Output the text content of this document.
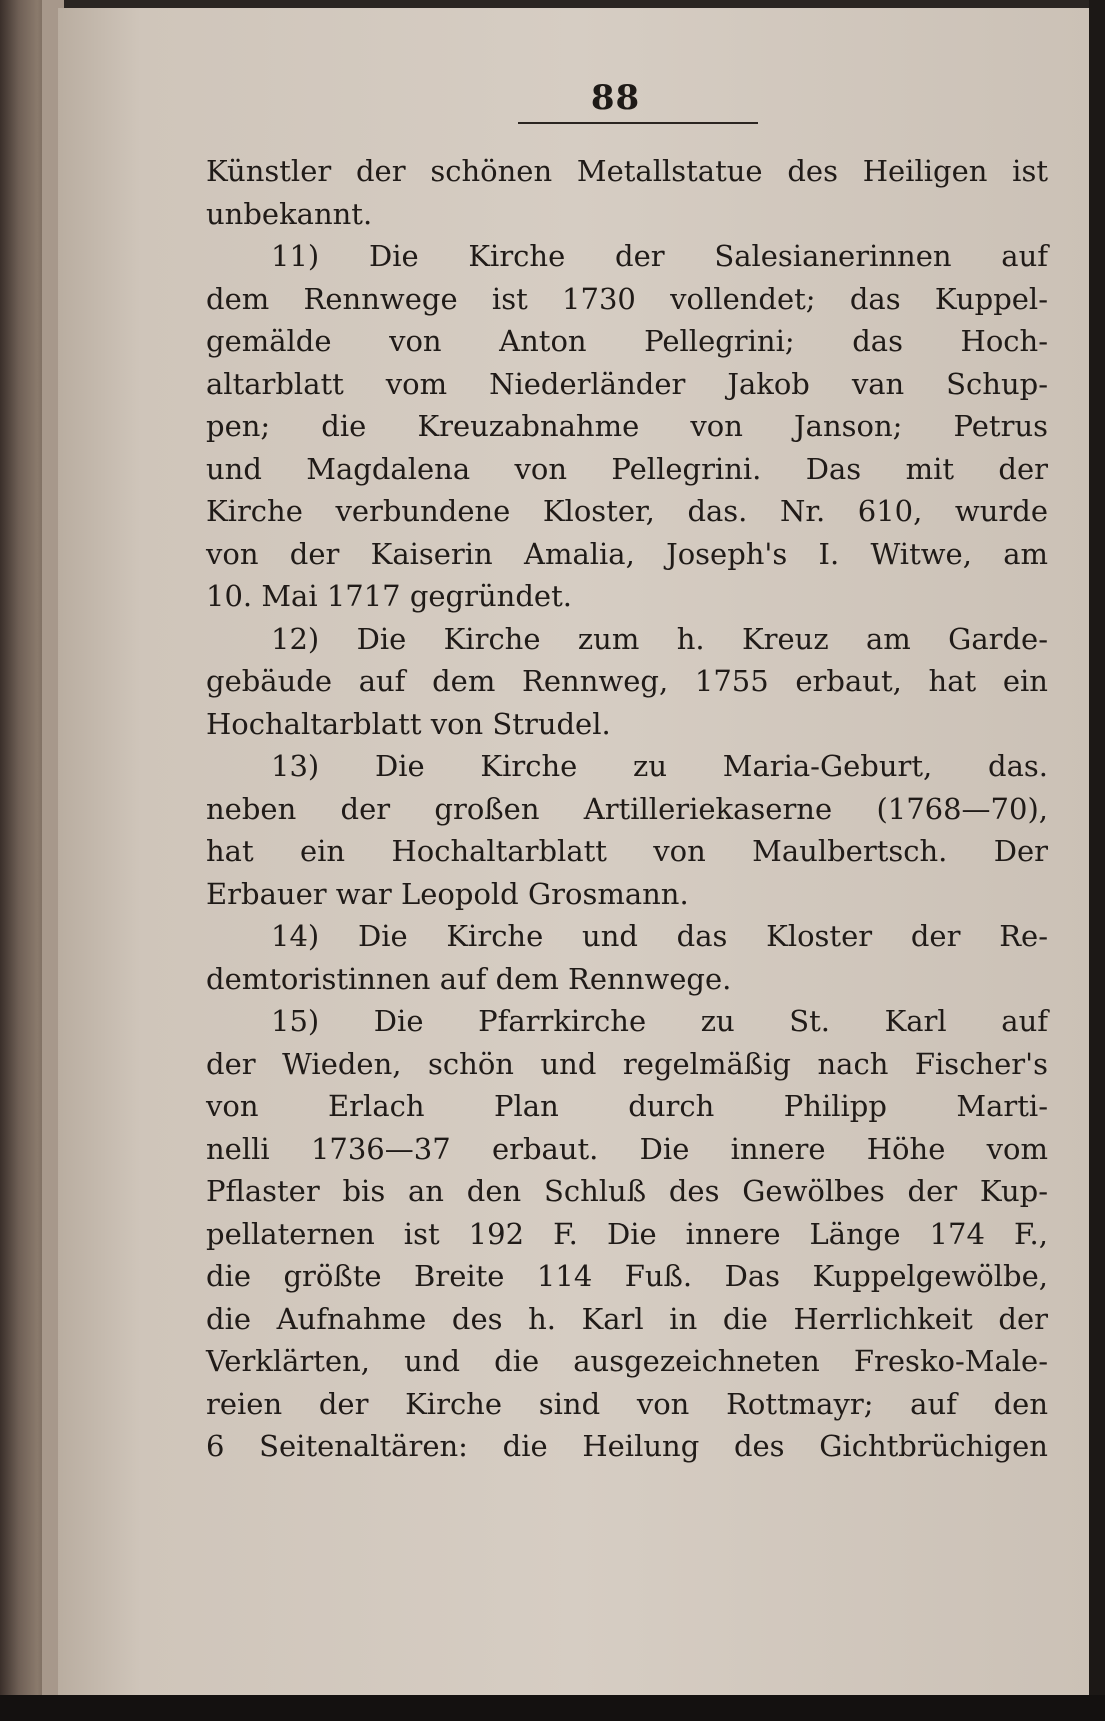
88
Künstler der schönen Metallstatue des Heiligen ist
unbekannt.
11) Die Kirche der Salesianerinnen auf
dem Rennwege ist 1730 vollendet; das Kuppel-
gemälde von Anton Pellegrini; das Hoch-
altarblatt vom Niederländer Jakob van Schup-
pen; die Kreuzabnahme von Janson; Petrus
und Magdalena von Pellegrini. Das mit der
Kirche verbundene Kloster, das. Nr. 610, wurde
von der Kaiserin Amalia, Joseph's I. Witwe, am
10. Mai 1717 gegründet.
12) Die Kirche zum h. Kreuz am Garde-
gebäude auf dem Rennweg, 1755 erbaut, hat ein
Hochaltarblatt von Strudel.
13) Die Kirche zu Maria-Geburt, das.
neben der großen Artilleriekaserne (1768—70),
hat ein Hochaltarblatt von Maulbertsch. Der
Erbauer war Leopold Grosmann.
14) Die Kirche und das Kloster der Re-
demtoristinnen auf dem Rennwege.
15) Die Pfarrkirche zu St. Karl auf
der Wieden, schön und regelmäßig nach Fischer's
von Erlach Plan durch Philipp Marti-
nelli 1736—37 erbaut. Die innere Höhe vom
Pflaster bis an den Schluß des Gewölbes der Kup-
pellaternen ist 192 F. Die innere Länge 174 F.,
die größte Breite 114 Fuß. Das Kuppelgewölbe,
die Aufnahme des h. Karl in die Herrlichkeit der
Verklärten, und die ausgezeichneten Fresko-Male-
reien der Kirche sind von Rottmayr; auf den
6 Seitenaltären: die Heilung des Gichtbrüchigen
